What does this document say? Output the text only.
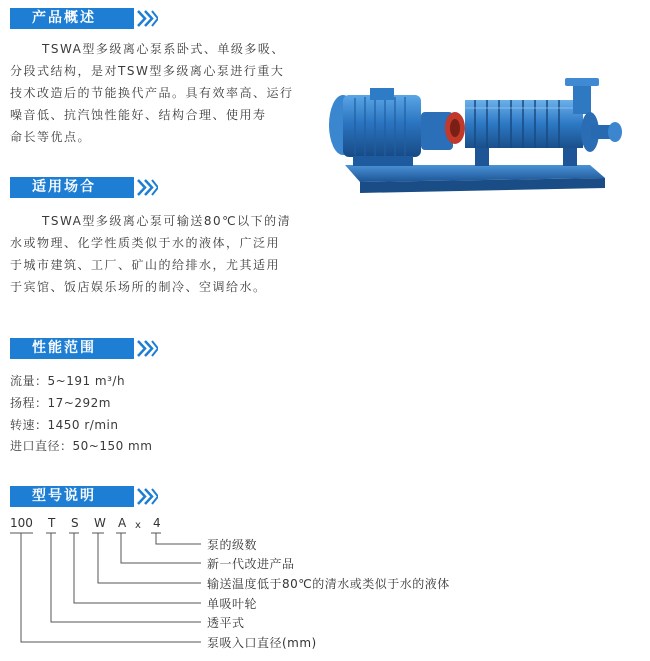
产品概述
TSWA型多级离心泵系卧式、单级多吸、
分段式结构，是对TSW型多级离心泵进行重大
技术改造后的节能换代产品。具有效率高、运行
噪音低、抗汽蚀性能好、结构合理、使用寿
命长等优点。
适用场合
TSWA型多级离心泵可输送80℃以下的清
水或物理、化学性质类似于水的液体，广泛用
于城市建筑、工厂、矿山的给排水，尤其适用
于宾馆、饭店娱乐场所的制冷、空调给水。
性能范围
流量：5~191 m³/h
扬程：17~292m
转速：1450 r/min
进口直径：50~150 mm
型号说明
100 T S W A x 4
泵的级数
新一代改进产品
输送温度低于80℃的清水或类似于水的液体
单吸叶轮
透平式
泵吸入口直径(mm)
